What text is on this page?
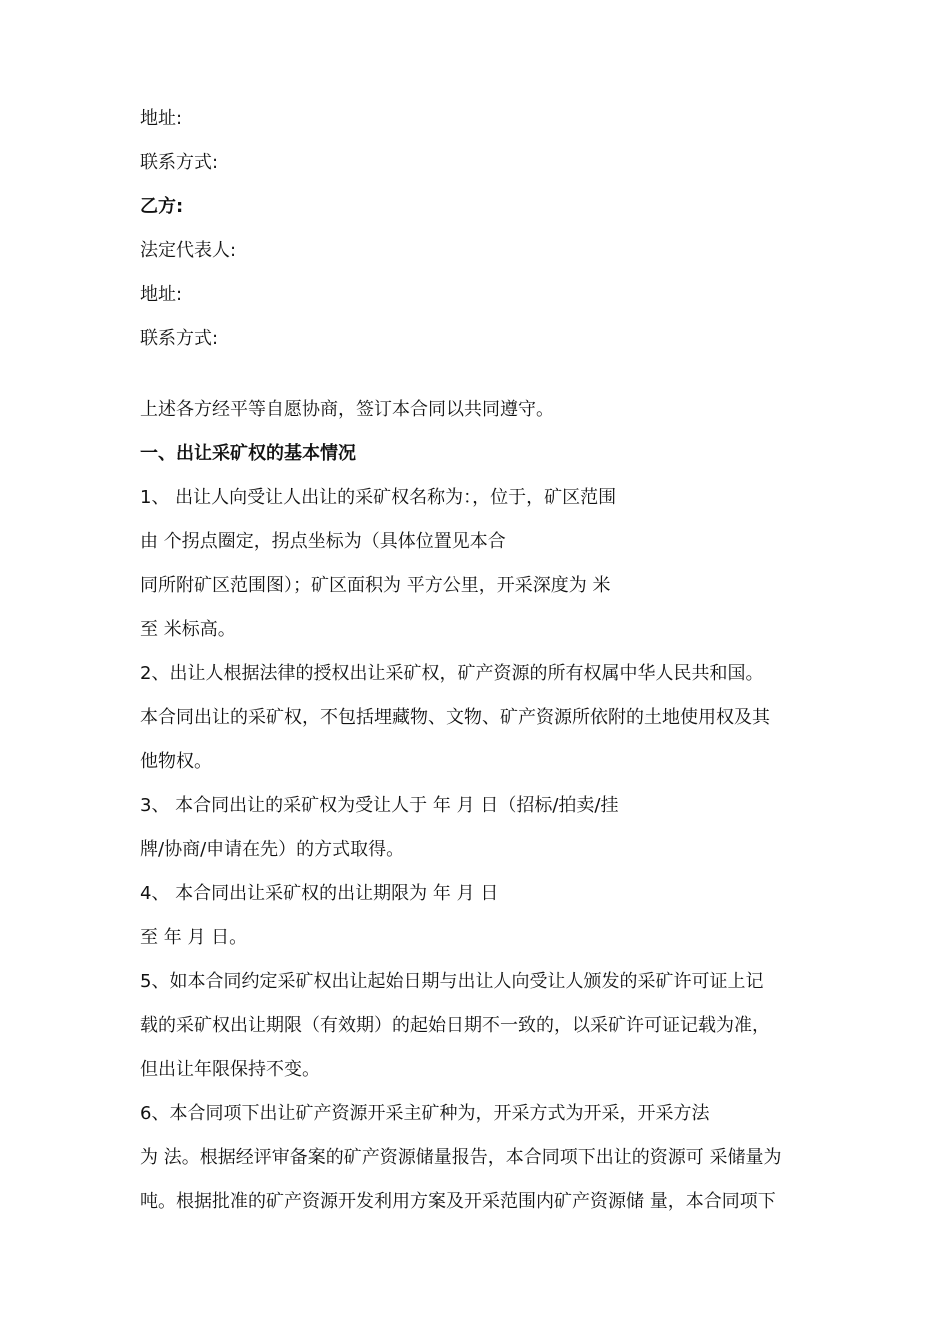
地址:

联系方式:

乙方:

法定代表人:

地址:

联系方式:

上述各方经平等自愿协商，签订本合同以共同遵守。

一、出让采矿权的基本情况

1、 出让人向受让人出让的采矿权名称为：，位于，矿区范围

由 个拐点圈定，拐点坐标为（具体位置见本合

同所附矿区范围图）；矿区面积为 平方公里，开采深度为 米

至 米标高。

2、出让人根据法律的授权出让采矿权，矿产资源的所有权属中华人民共和国。

本合同出让的采矿权，不包括埋藏物、文物、矿产资源所依附的土地使用权及其

他物权。

3、 本合同出让的采矿权为受让人于 年 月 日（招标/拍卖/挂

牌/协商/申请在先）的方式取得。

4、 本合同出让采矿权的出让期限为 年 月 日

至 年 月 日。

5、如本合同约定采矿权出让起始日期与出让人向受让人颁发的采矿许可证上记

载的采矿权出让期限（有效期）的起始日期不一致的，以采矿许可证记载为准，

但出让年限保持不变。

6、本合同项下出让矿产资源开采主矿种为，开采方式为开采，开采方法

为 法。根据经评审备案的矿产资源储量报告，本合同项下出让的资源可 采储量为

吨。根据批准的矿产资源开发利用方案及开采范围内矿产资源储 量，本合同项下
